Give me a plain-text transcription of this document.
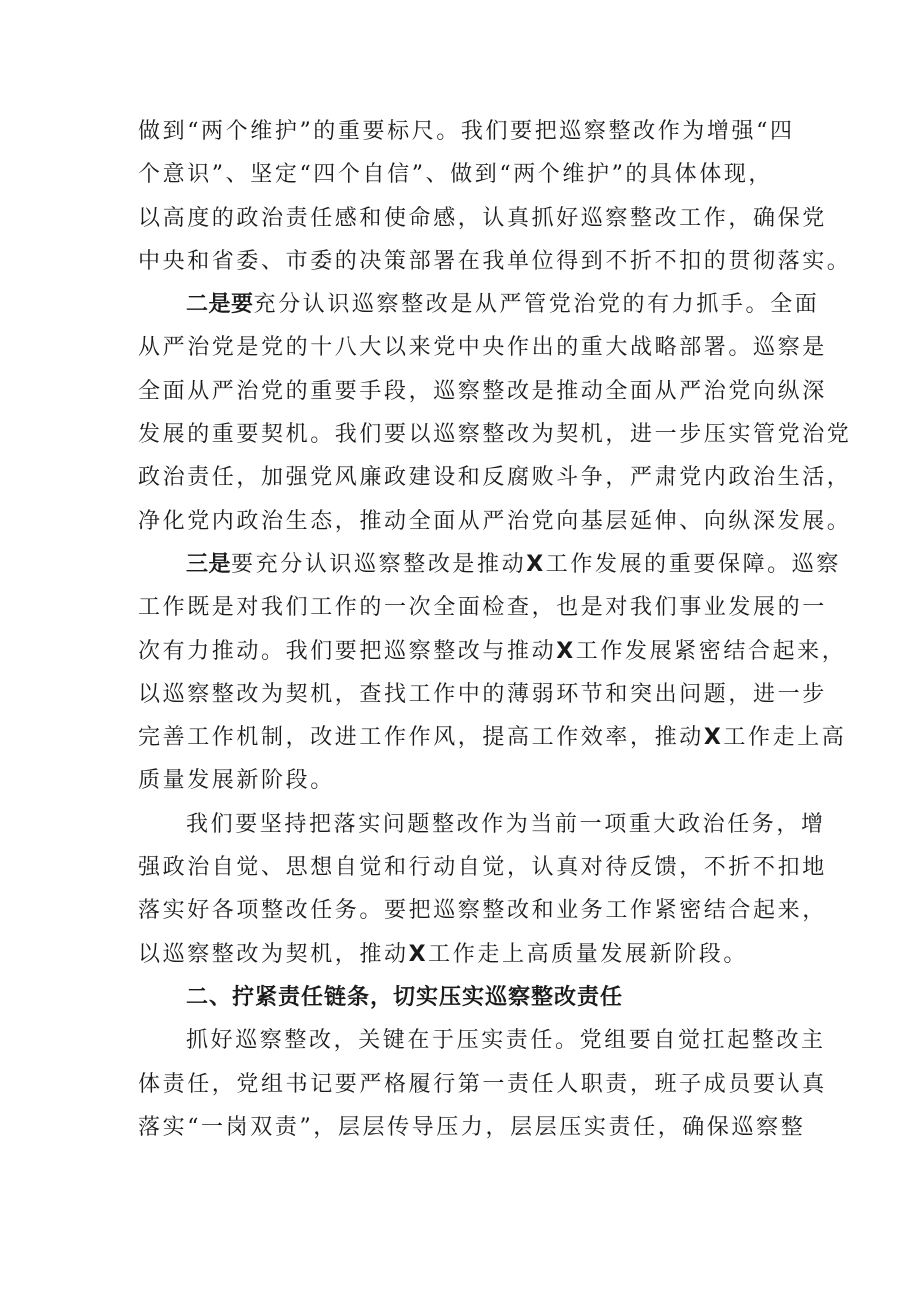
做到“两个维护”的重要标尺。我们要把巡察整改作为增强“四
个意识”、坚定“四个自信”、做到“两个维护”的具体体现，
以高度的政治责任感和使命感，认真抓好巡察整改工作，确保党
中央和省委、市委的决策部署在我单位得到不折不扣的贯彻落实。

二是要充分认识巡察整改是从严管党治党的有力抓手。全面
从严治党是党的十八大以来党中央作出的重大战略部署。巡察是
全面从严治党的重要手段，巡察整改是推动全面从严治党向纵深
发展的重要契机。我们要以巡察整改为契机，进一步压实管党治党
政治责任，加强党风廉政建设和反腐败斗争，严肃党内政治生活，
净化党内政治生态，推动全面从严治党向基层延伸、向纵深发展。

三是要充分认识巡察整改是推动X工作发展的重要保障。巡察
工作既是对我们工作的一次全面检查，也是对我们事业发展的一
次有力推动。我们要把巡察整改与推动X工作发展紧密结合起来，
以巡察整改为契机，查找工作中的薄弱环节和突出问题，进一步
完善工作机制，改进工作作风，提高工作效率，推动X工作走上高
质量发展新阶段。

我们要坚持把落实问题整改作为当前一项重大政治任务，增
强政治自觉、思想自觉和行动自觉，认真对待反馈，不折不扣地
落实好各项整改任务。要把巡察整改和业务工作紧密结合起来，
以巡察整改为契机，推动X工作走上高质量发展新阶段。

二、拧紧责任链条，切实压实巡察整改责任

抓好巡察整改，关键在于压实责任。党组要自觉扛起整改主
体责任，党组书记要严格履行第一责任人职责，班子成员要认真
落实“一岗双责”，层层传导压力，层层压实责任，确保巡察整
